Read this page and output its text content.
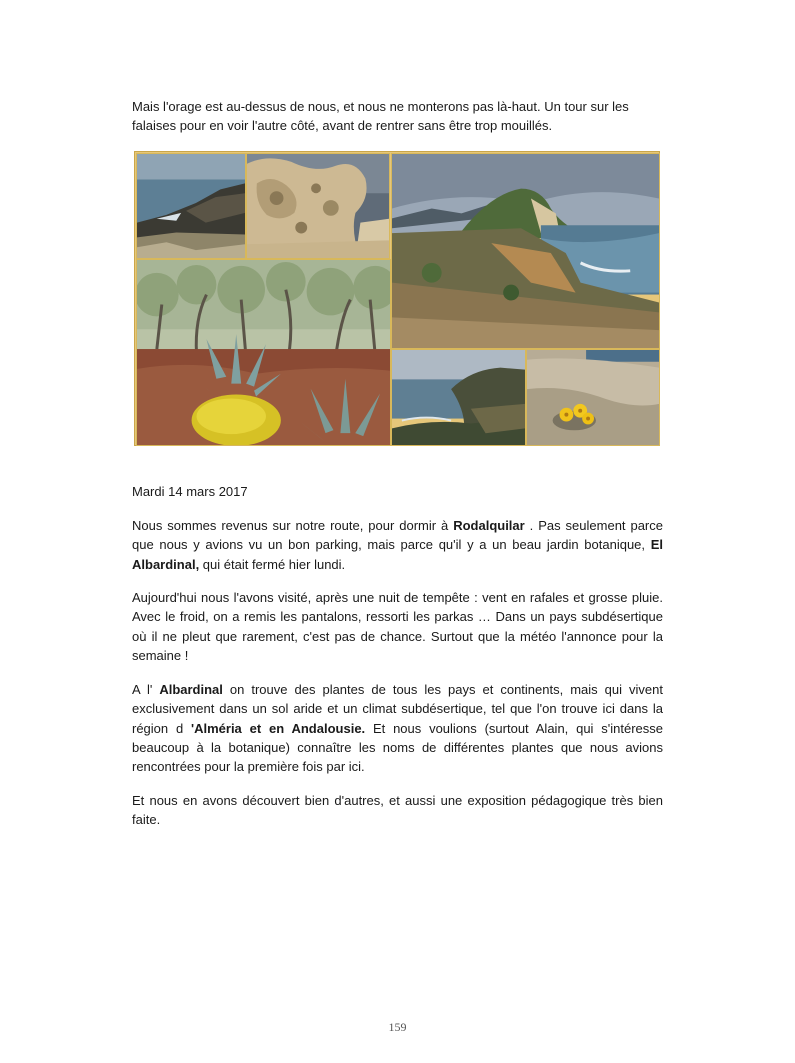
Mais l'orage est au-dessus de nous, et nous ne monterons pas là-haut. Un tour sur les falaises pour en voir l'autre côté, avant de rentrer sans être trop mouillés.

Mardi 14 mars 2017

Nous sommes revenus sur notre route, pour dormir à Rodalquilar . Pas seulement parce que nous y avions vu un bon parking, mais parce qu'il y a un beau jardin botanique, El Albardinal, qui était fermé hier lundi.

Aujourd'hui nous l'avons visité, après une nuit de tempête : vent en rafales et grosse pluie. Avec le froid, on a remis les pantalons, ressorti les parkas … Dans un pays subdésertique où il ne pleut que rarement, c'est pas de chance. Surtout que la météo l'annonce pour la semaine !

A l' Albardinal on trouve des plantes de tous les pays et continents, mais qui vivent exclusivement dans un sol aride et un climat subdésertique, tel que l'on trouve ici dans la région d 'Alméria et en Andalousie. Et nous voulions (surtout Alain, qui s'intéresse beaucoup à la botanique) connaître les noms de différentes plantes que nous avions rencontrées pour la première fois par ici.

Et nous en avons découvert bien d'autres, et aussi une exposition pédagogique très bien faite.

159
